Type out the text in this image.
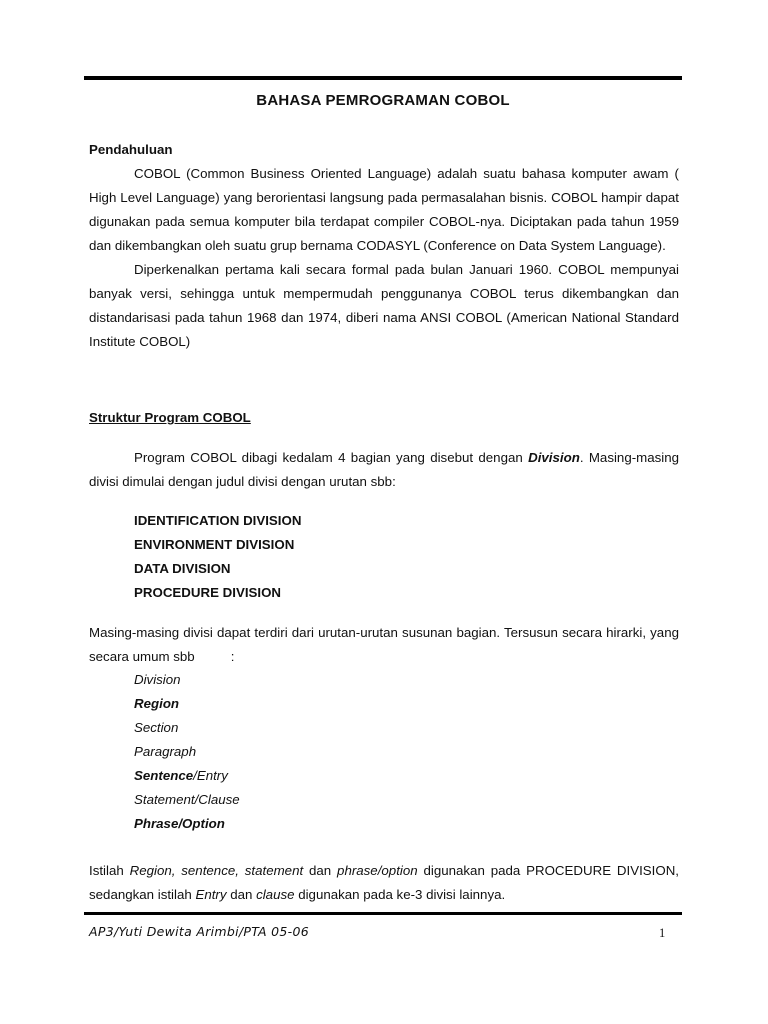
BAHASA PEMROGRAMAN COBOL
Pendahuluan

COBOL (Common Business Oriented Language) adalah suatu bahasa komputer awam ( High Level Language) yang berorientasi langsung pada permasalahan bisnis. COBOL hampir dapat digunakan pada semua komputer bila terdapat compiler COBOL-nya. Diciptakan pada tahun 1959 dan dikembangkan oleh suatu grup bernama CODASYL (Conference on Data System Language).

Diperkenalkan pertama kali secara formal pada bulan Januari 1960. COBOL mempunyai banyak versi, sehingga untuk mempermudah penggunanya COBOL terus dikembangkan dan distandarisasi pada tahun 1968 dan 1974, diberi nama ANSI COBOL (American National Standard Institute COBOL)

Struktur Program COBOL

Program COBOL dibagi kedalam 4 bagian yang disebut dengan Division. Masing-masing divisi dimulai dengan judul divisi dengan urutan sbb:

IDENTIFICATION DIVISION
ENVIRONMENT DIVISION
DATA DIVISION
PROCEDURE DIVISION

Masing-masing divisi dapat terdiri dari urutan-urutan susunan bagian. Tersusun secara hirarki, yang secara umum sbb	:

Division
Region
Section
Paragraph
Sentence/Entry
Statement/Clause
Phrase/Option

Istilah Region, sentence, statement dan phrase/option digunakan pada PROCEDURE DIVISION, sedangkan istilah Entry dan clause digunakan pada ke-3 divisi lainnya.

AP3/Yuti Dewita Arimbi/PTA 05-06	1
